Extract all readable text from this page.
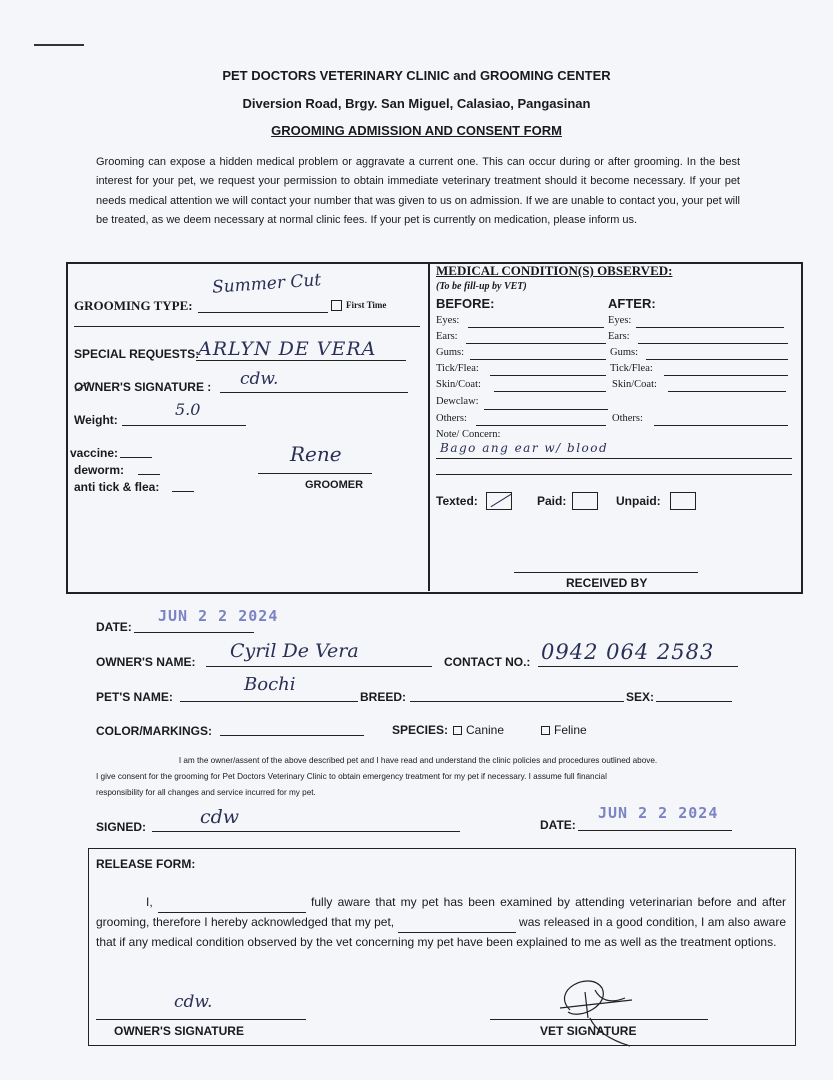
PET DOCTORS VETERINARY CLINIC and GROOMING CENTER
Diversion Road, Brgy. San Miguel, Calasiao, Pangasinan
GROOMING ADMISSION AND CONSENT FORM
Grooming can expose a hidden medical problem or aggravate a current one. This can occur during or after grooming. In the best interest for your pet, we request your permission to obtain immediate veterinary treatment should it become necessary. If your pet needs medical attention we will contact your number that was given to us on admission. If we are unable to contact you, your pet will be treated, as we deem necessary at normal clinic fees. If your pet is currently on medication, please inform us.
Summer Cut
GROOMING TYPE:	First Time
SPECIAL REQUESTS:
ARLYN DE VERA
OWNER'S SIGNATURE : cdw.
Weight:
5.0
vaccine:
deworm:
anti tick & flea:
Rene
GROOMER
MEDICAL CONDITION(S) OBSERVED:
(To be fill-up by VET)
BEFORE:	AFTER:
Eyes:	Eyes:
Ears:	Ears:
Gums:	Gums:
Tick/Flea:	Tick/Flea:
Skin/Coat:	Skin/Coat:
Dewclaw:
Others:	Others:
Note/ Concern:
Bago ang ear w/ blood
Texted:	Paid:	Unpaid:
RECEIVED BY
DATE:
JUN 2 2 2024
OWNER'S NAME: Cyril De Vera	CONTACT NO.: 0942 064 2583
PET'S NAME:
Bochi
BREED:	SEX:
COLOR/MARKINGS:	SPECIES:	Canine	Feline
I am the owner/assent of the above described pet and I have read and understand the clinic policies and procedures outlined above.
I give consent for the grooming for Pet Doctors Veterinary Clinic to obtain emergency treatment for my pet if necessary. I assume full financial
responsibility for all changes and service incurred for my pet.
SIGNED:	cdw	DATE:
JUN 2 2 2024
RELEASE FORM:
I,	fully aware that my pet has been examined by attending veterinarian before and after grooming, therefore I hereby acknowledged that my pet,	was released in a good condition, I am also aware that if any medical condition observed by the vet concerning my pet have been explained to me as well as the treatment options.
cdw.
OWNER'S SIGNATURE	VET SIGNATURE
